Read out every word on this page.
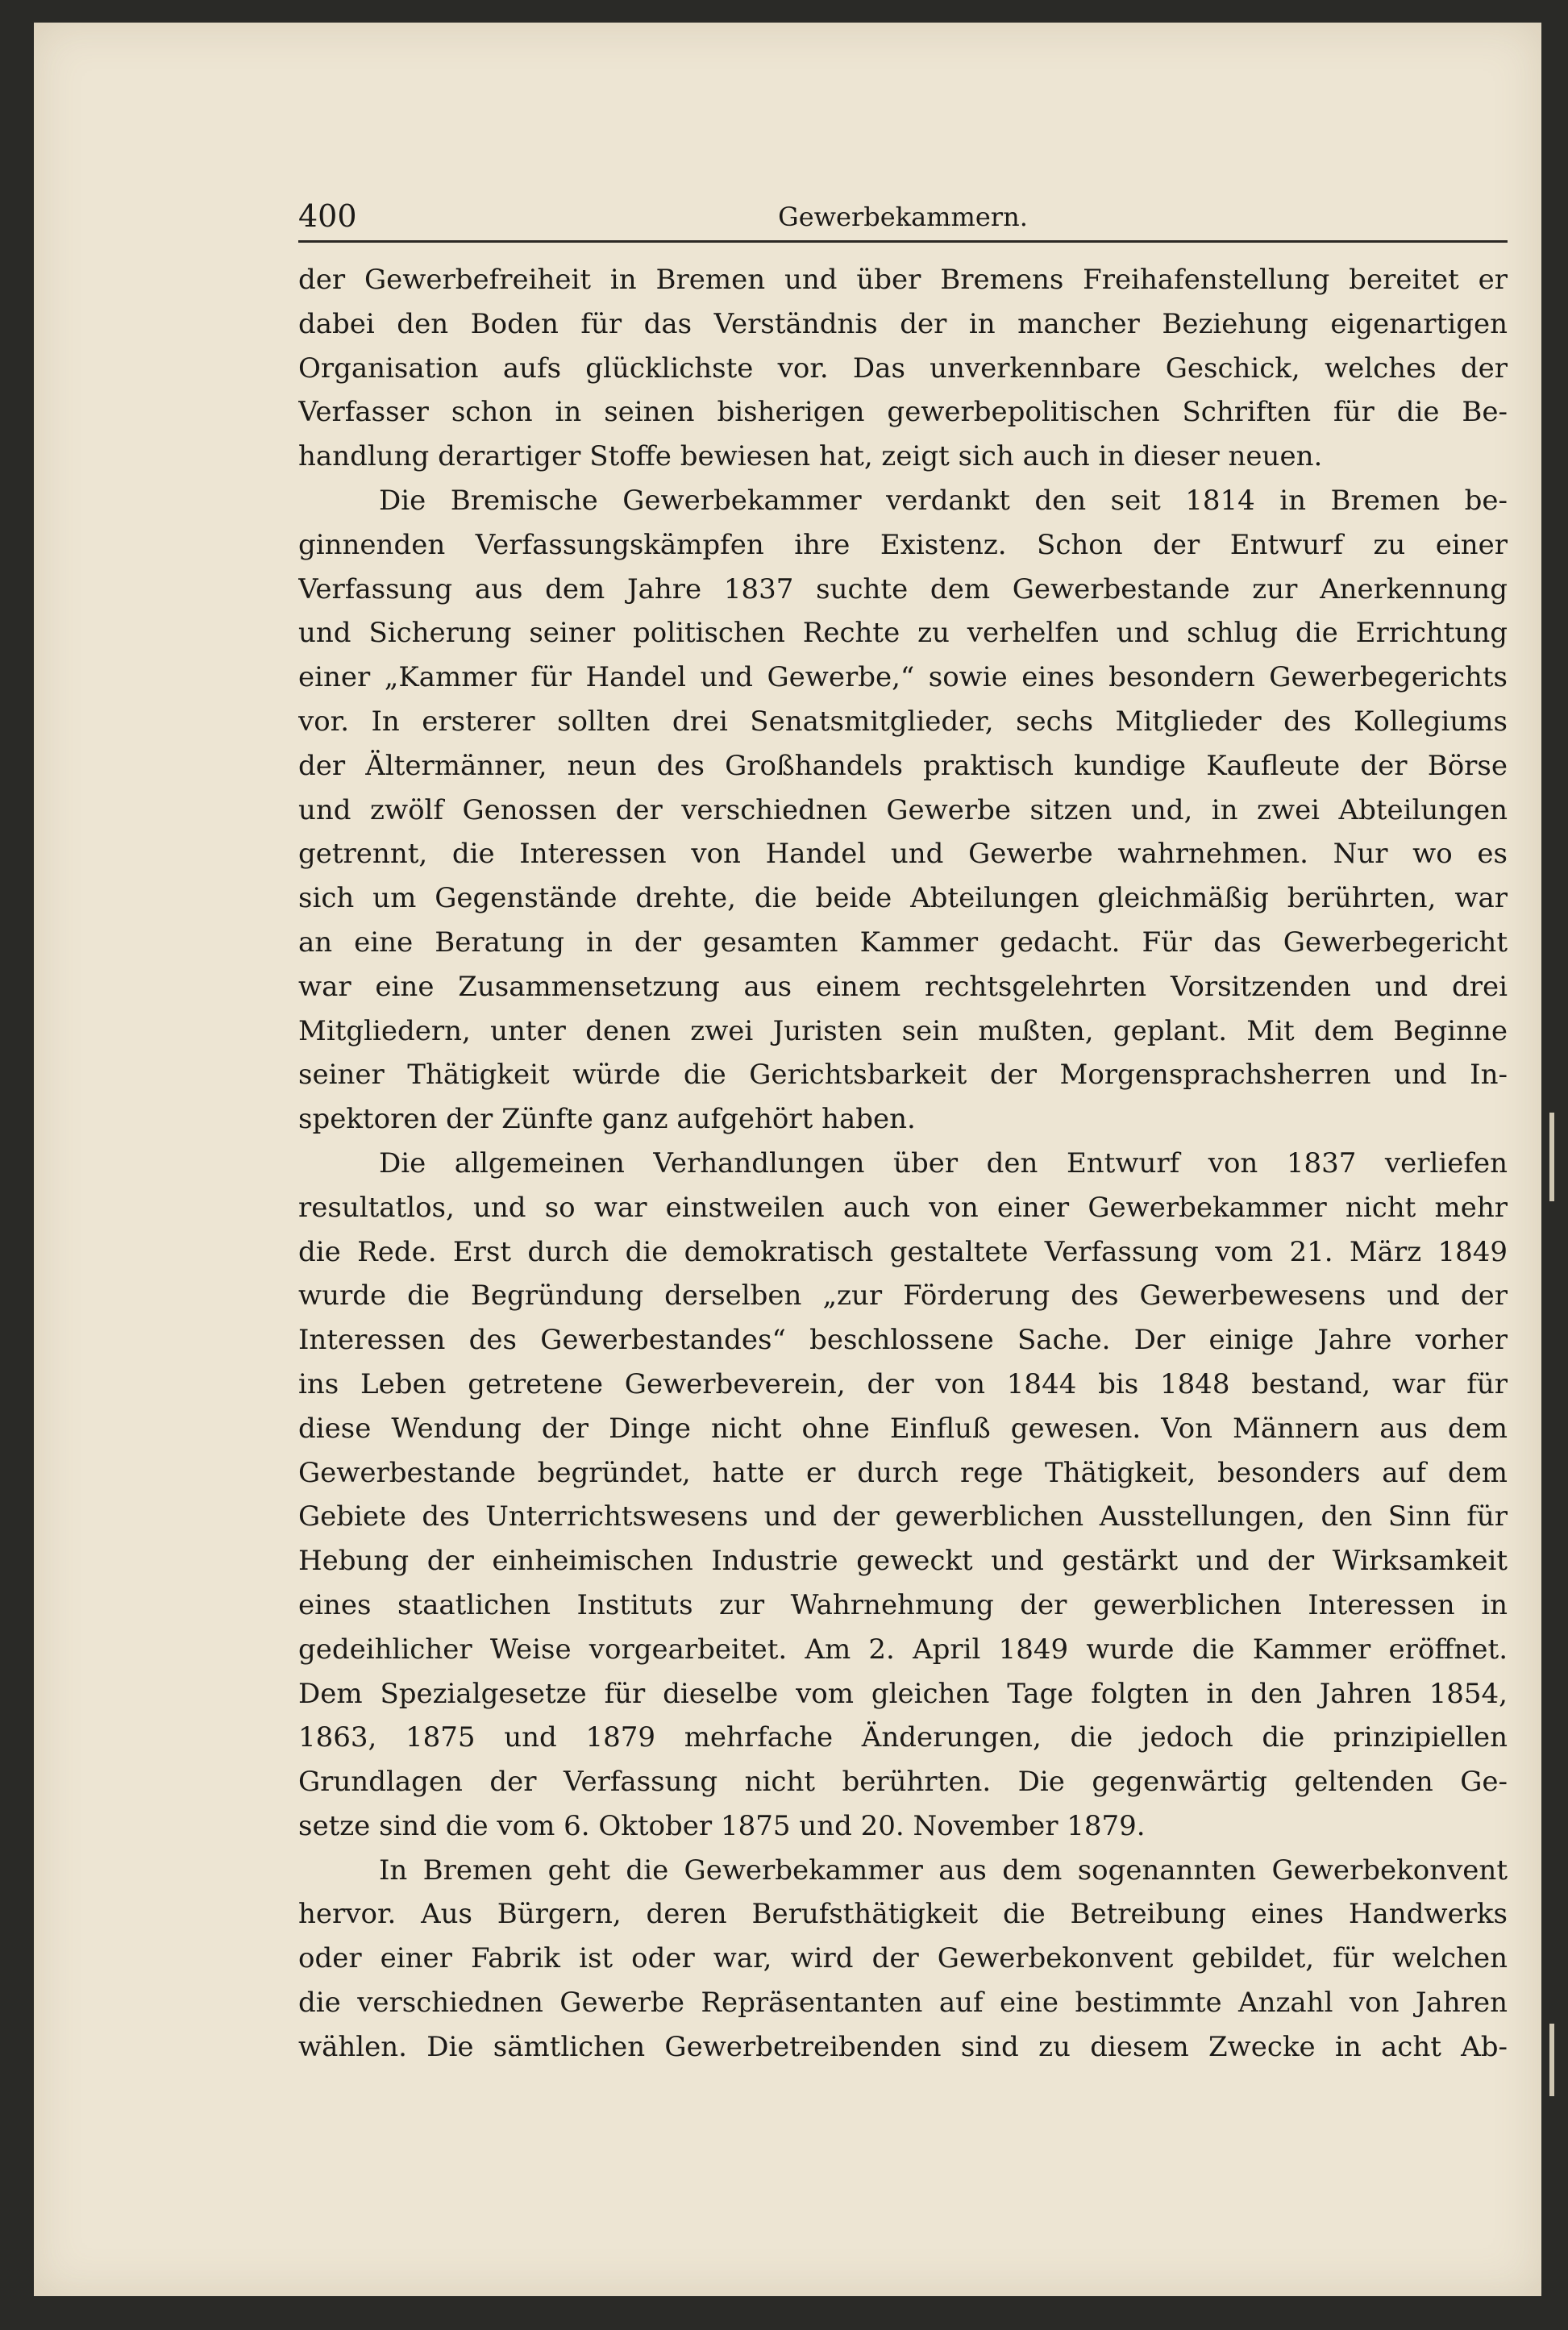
400	Gewerbekammern.
der Gewerbefreiheit in Bremen und über Bremens Freihafenstellung bereitet er
dabei den Boden für das Verständnis der in mancher Beziehung eigenartigen
Organisation aufs glücklichste vor. Das unverkennbare Geschick, welches der
Verfasser schon in seinen bisherigen gewerbepolitischen Schriften für die Be-
handlung derartiger Stoffe bewiesen hat, zeigt sich auch in dieser neuen.
Die Bremische Gewerbekammer verdankt den seit 1814 in Bremen be-
ginnenden Verfassungskämpfen ihre Existenz. Schon der Entwurf zu einer
Verfassung aus dem Jahre 1837 suchte dem Gewerbestande zur Anerkennung
und Sicherung seiner politischen Rechte zu verhelfen und schlug die Errichtung
einer „Kammer für Handel und Gewerbe,“ sowie eines besondern Gewerbegerichts
vor. In ersterer sollten drei Senatsmitglieder, sechs Mitglieder des Kollegiums
der Ältermänner, neun des Großhandels praktisch kundige Kaufleute der Börse
und zwölf Genossen der verschiednen Gewerbe sitzen und, in zwei Abteilungen
getrennt, die Interessen von Handel und Gewerbe wahrnehmen. Nur wo es
sich um Gegenstände drehte, die beide Abteilungen gleichmäßig berührten, war
an eine Beratung in der gesamten Kammer gedacht. Für das Gewerbegericht
war eine Zusammensetzung aus einem rechtsgelehrten Vorsitzenden und drei
Mitgliedern, unter denen zwei Juristen sein mußten, geplant. Mit dem Beginne
seiner Thätigkeit würde die Gerichtsbarkeit der Morgensprachsherren und In-
spektoren der Zünfte ganz aufgehört haben.
Die allgemeinen Verhandlungen über den Entwurf von 1837 verliefen
resultatlos, und so war einstweilen auch von einer Gewerbekammer nicht mehr
die Rede. Erst durch die demokratisch gestaltete Verfassung vom 21. März 1849
wurde die Begründung derselben „zur Förderung des Gewerbewesens und der
Interessen des Gewerbestandes“ beschlossene Sache. Der einige Jahre vorher
ins Leben getretene Gewerbeverein, der von 1844 bis 1848 bestand, war für
diese Wendung der Dinge nicht ohne Einfluß gewesen. Von Männern aus dem
Gewerbestande begründet, hatte er durch rege Thätigkeit, besonders auf dem
Gebiete des Unterrichtswesens und der gewerblichen Ausstellungen, den Sinn für
Hebung der einheimischen Industrie geweckt und gestärkt und der Wirksamkeit
eines staatlichen Instituts zur Wahrnehmung der gewerblichen Interessen in
gedeihlicher Weise vorgearbeitet. Am 2. April 1849 wurde die Kammer eröffnet.
Dem Spezialgesetze für dieselbe vom gleichen Tage folgten in den Jahren 1854,
1863, 1875 und 1879 mehrfache Änderungen, die jedoch die prinzipiellen
Grundlagen der Verfassung nicht berührten. Die gegenwärtig geltenden Ge-
setze sind die vom 6. Oktober 1875 und 20. November 1879.
In Bremen geht die Gewerbekammer aus dem sogenannten Gewerbekonvent
hervor. Aus Bürgern, deren Berufsthätigkeit die Betreibung eines Handwerks
oder einer Fabrik ist oder war, wird der Gewerbekonvent gebildet, für welchen
die verschiednen Gewerbe Repräsentanten auf eine bestimmte Anzahl von Jahren
wählen. Die sämtlichen Gewerbetreibenden sind zu diesem Zwecke in acht Ab-
